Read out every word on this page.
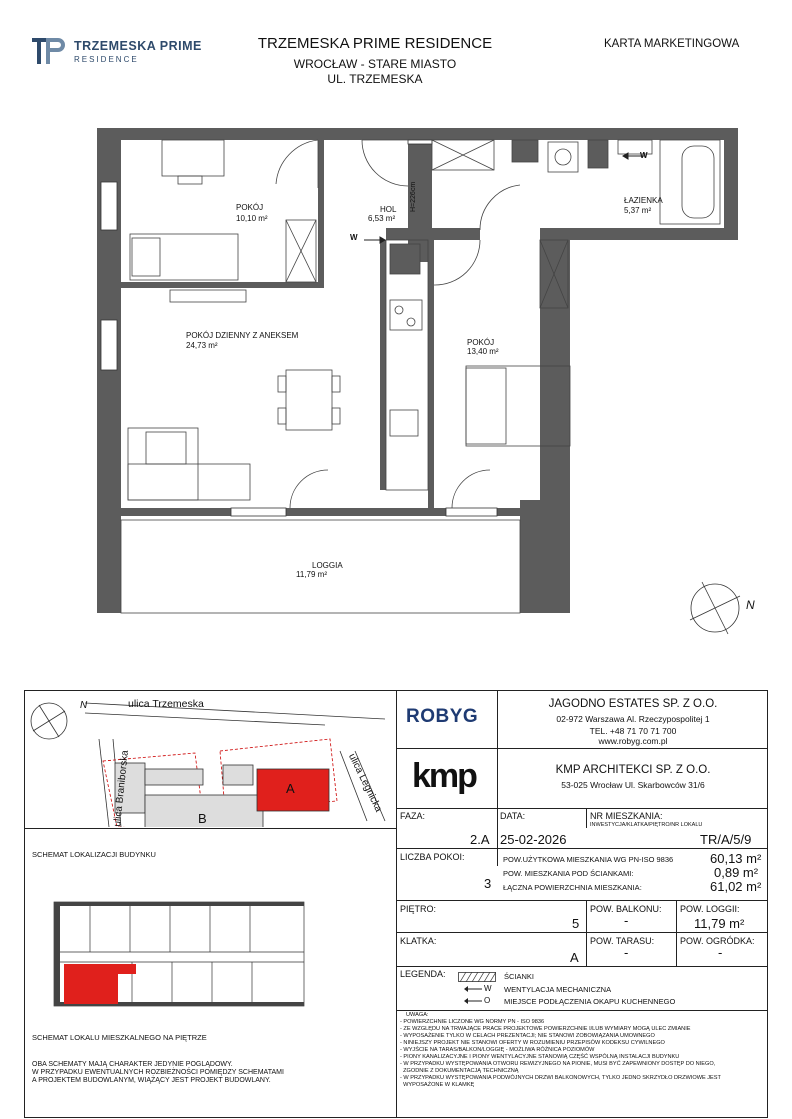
TRZEMESKA PRIME
RESIDENCE
TRZEMESKA PRIME RESIDENCE
WROCŁAW - STARE MIASTO
UL. TRZEMESKA
KARTA MARKETINGOWA
POKÓJ
10,10 m²
HOL
6,53 m²
H=226cm	ŁAZIENKA
5,37 m²
POKÓJ DZIENNY Z ANEKSEM
24,73 m²	POKÓJ
13,40 m²
LOGGIA
11,79 m²
W
W
N
ulica Trzemeska
ulica Braniborska	ulica Legnicka
A
B
N
SCHEMAT LOKALIZACJI BUDYNKU
SCHEMAT LOKALU MIESZKALNEGO NA PIĘTRZE
OBA SCHEMATY MAJĄ CHARAKTER JEDYNIE POGLĄDOWY.
W PRZYPADKU EWENTUALNYCH ROZBIEŻNOŚCI POMIĘDZY SCHEMATAMI
A PROJEKTEM BUDOWLANYM, WIĄŻĄCY JEST PROJEKT BUDOWLANY.
ROBYG
JAGODNO ESTATES SP. Z O.O.
02-972 Warszawa Al. Rzeczypospolitej 1
TEL. +48 71 70 71 700
www.robyg.com.pl
kmp	KMP ARCHITEKCI SP. Z O.O.
53-025 Wrocław Ul. Skarbowców 31/6
FAZA:
2.A
DATA:
25-02-2026
NR MIESZKANIA:
INWESTYCJA/KLATKA/PIĘTRO/NR LOKALU
TR/A/5/9
LICZBA POKOI:
3
POW.UŻYTKOWA MIESZKANIA WG PN-ISO 9836	60,13 m²
POW. MIESZKANIA POD ŚCIANKAMI:	0,89 m²
ŁĄCZNA POWIERZCHNIA MIESZKANIA:	61,02 m²
PIĘTRO:
5
POW. BALKONU:
-
POW. LOGGII:
11,79 m²
KLATKA:
A
POW. TARASU:
-
POW. OGRÓDKA:
-
LEGENDA:	ŚCIANKI
W WENTYLACJA MECHANICZNA
O MIEJSCE PODŁĄCZENIA OKAPU KUCHENNEGO
UWAGA:
- POWIERZCHNIE LICZONE WG NORMY PN - ISO 9836
- ZE WZGLĘDU NA TRWAJĄCE PRACE PROJEKTOWE POWIERZCHNIE I/LUB WYMIARY MOGĄ ULEC ZMIANIE
- WYPOSAŻENIE TYLKO W CELACH PREZENTACJI; NIE STANOWI ZOBOWIĄZANIA UMOWNEGO
- NINIEJSZY PROJEKT NIE STANOWI OFERTY W ROZUMIENIU PRZEPISÓW KODEKSU CYWILNEGO
- WYJŚCIE NA TARAS/BALKON/LOGGIĘ - MOŻLIWA RÓŻNICA POZIOMÓW
- PIONY KANALIZACYJNE I PIONY WENTYLACYJNE STANOWIĄ CZĘŚĆ WSPÓLNĄ INSTALACJI BUDYNKU
- W PRZYPADKU WYSTĘPOWANIA OTWORU REWIZYJNEGO NA PIONIE, MUSI BYĆ ZAPEWNIONY DOSTĘP DO NIEGO,
ZGODNIE Z DOKUMENTACJĄ TECHNICZNĄ
- W PRZYPADKU WYSTĘPOWANIA PODWÓJNYCH DRZWI BALKONOWYCH, TYLKO JEDNO SKRZYDŁO DRZWIOWE JEST
WYPOSAŻONE W KLAMKĘ
